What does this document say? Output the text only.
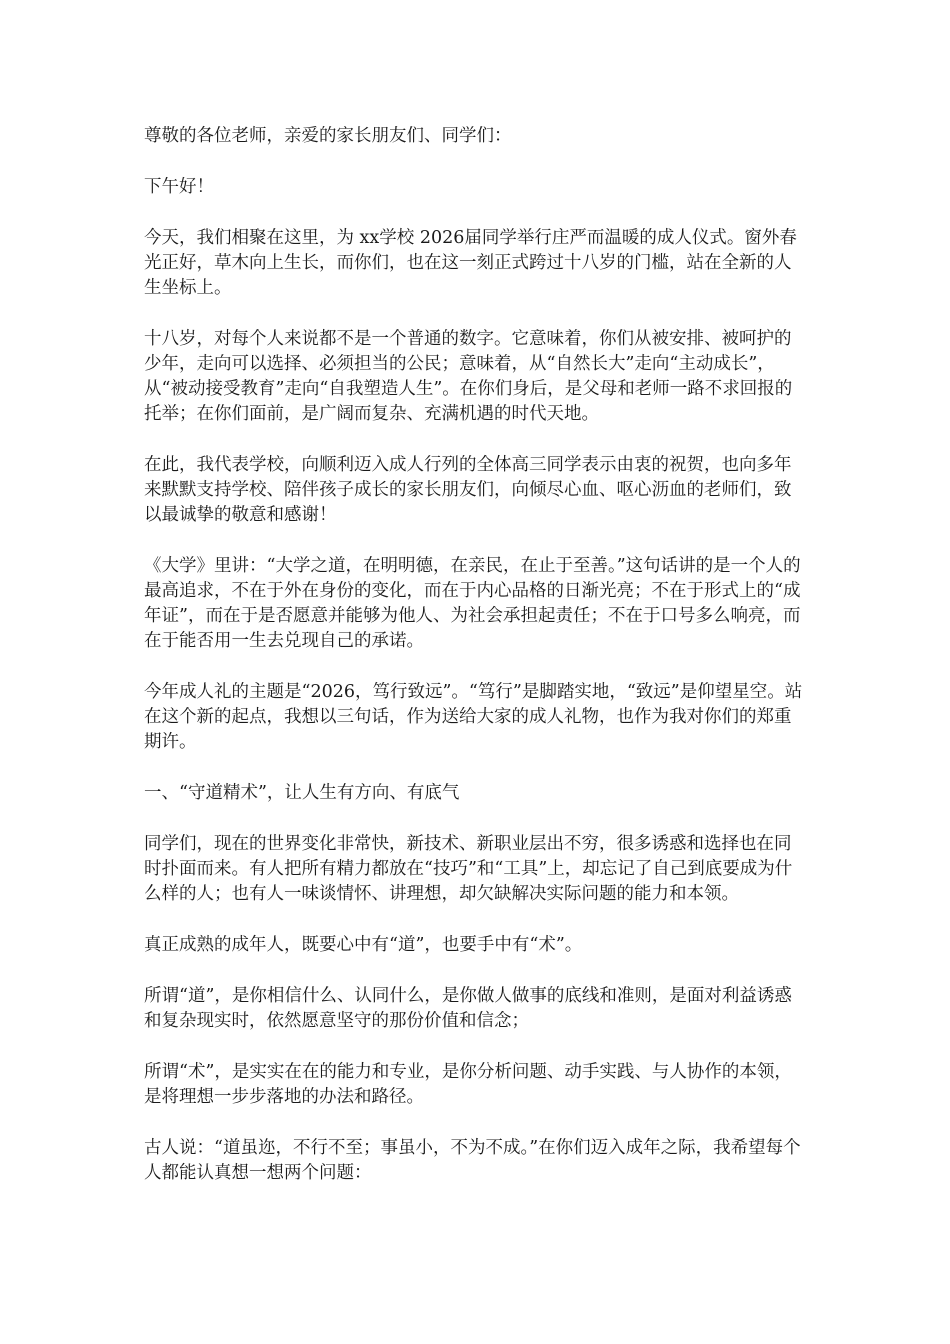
尊敬的各位老师，亲爱的家长朋友们、同学们：

下午好！

今天，我们相聚在这里，为 xx学校 2026届同学举行庄严而温暖的成人仪式。窗外春光正好，草木向上生长，而你们，也在这一刻正式跨过十八岁的门槛，站在全新的人生坐标上。

十八岁，对每个人来说都不是一个普通的数字。它意味着，你们从被安排、被呵护的少年，走向可以选择、必须担当的公民；意味着，从“自然长大”走向“主动成长”，从“被动接受教育”走向“自我塑造人生”。在你们身后，是父母和老师一路不求回报的托举；在你们面前，是广阔而复杂、充满机遇的时代天地。

在此，我代表学校，向顺利迈入成人行列的全体高三同学表示由衷的祝贺，也向多年来默默支持学校、陪伴孩子成长的家长朋友们，向倾尽心血、呕心沥血的老师们，致以最诚挚的敬意和感谢！

《大学》里讲：“大学之道，在明明德，在亲民，在止于至善。”这句话讲的是一个人的最高追求，不在于外在身份的变化，而在于内心品格的日渐光亮；不在于形式上的“成年证”，而在于是否愿意并能够为他人、为社会承担起责任；不在于口号多么响亮，而在于能否用一生去兑现自己的承诺。

今年成人礼的主题是“2026，笃行致远”。“笃行”是脚踏实地，“致远”是仰望星空。站在这个新的起点，我想以三句话，作为送给大家的成人礼物，也作为我对你们的郑重期许。

一、“守道精术”，让人生有方向、有底气

同学们，现在的世界变化非常快，新技术、新职业层出不穷，很多诱惑和选择也在同时扑面而来。有人把所有精力都放在“技巧”和“工具”上，却忘记了自己到底要成为什么样的人；也有人一味谈情怀、讲理想，却欠缺解决实际问题的能力和本领。

真正成熟的成年人，既要心中有“道”，也要手中有“术”。

所谓“道”，是你相信什么、认同什么，是你做人做事的底线和准则，是面对利益诱惑和复杂现实时，依然愿意坚守的那份价值和信念；

所谓“术”，是实实在在的能力和专业，是你分析问题、动手实践、与人协作的本领，是将理想一步步落地的办法和路径。

古人说：“道虽迩，不行不至；事虽小，不为不成。”在你们迈入成年之际，我希望每个人都能认真想一想两个问题：
